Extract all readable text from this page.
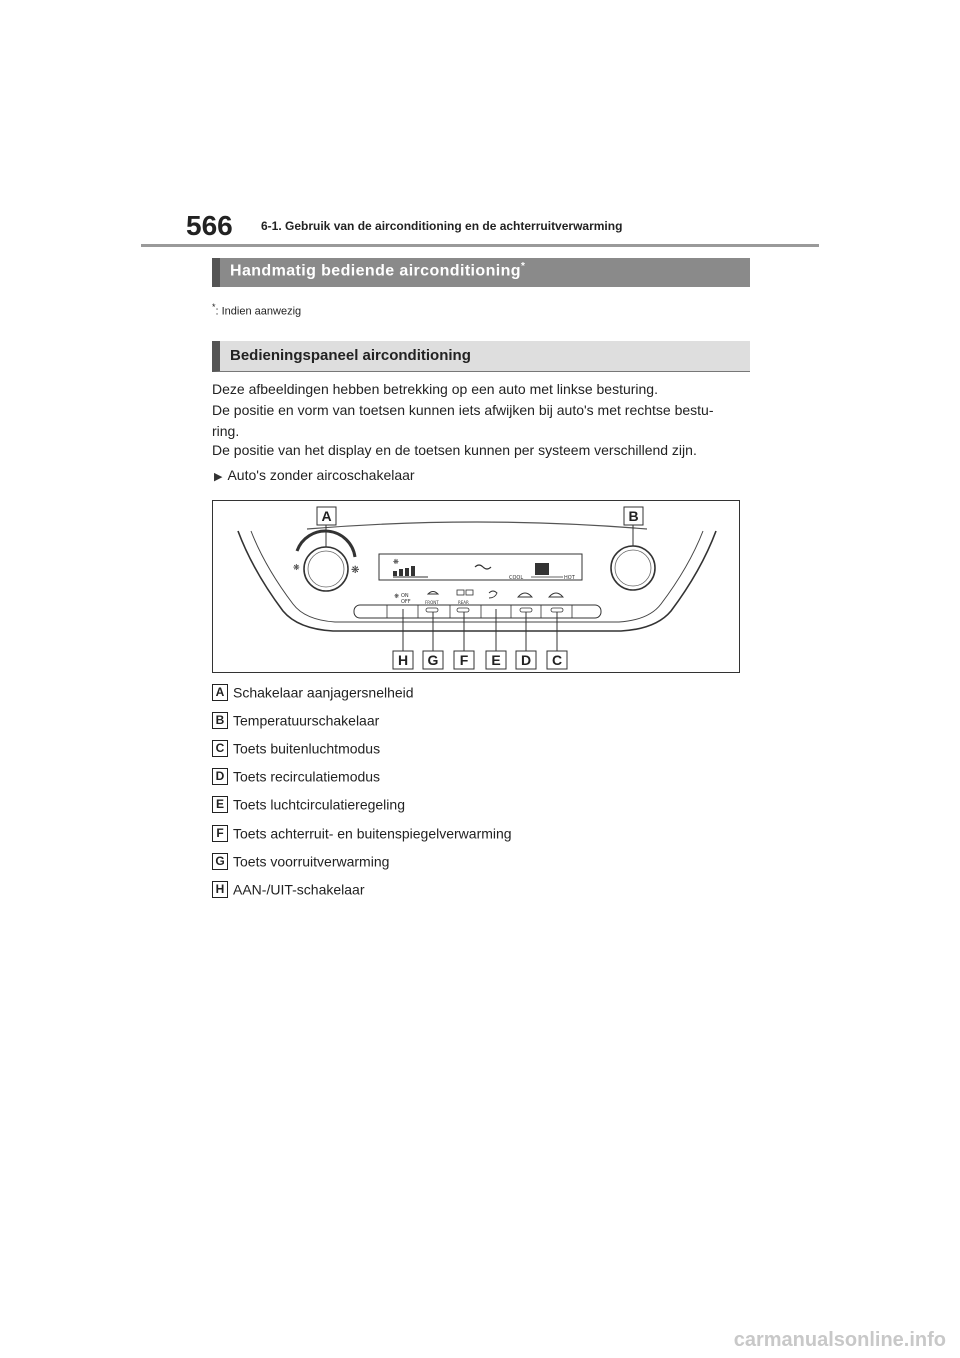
566 6-1. Gebruik van de airconditioning en de achterruitverwarming
Handmatig bediende airconditioning*
*: Indien aanwezig
Bedieningspaneel airconditioning
Deze afbeeldingen hebben betrekking op een auto met linkse besturing.
De positie en vorm van toetsen kunnen iets afwijken bij auto's met rechtse bestu-
ring.
De positie van het display en de toetsen kunnen per systeem verschillend zijn.
▶ Auto's zonder aircoschakelaar
❋	❋
❋
COOL	HOT
❋ ON
OFF	FRONT	REAR
A	B
H G F E D C
A Schakelaar aanjagersnelheid
B Temperatuurschakelaar
C Toets buitenluchtmodus
D Toets recirculatiemodus
E Toets luchtcirculatieregeling
F Toets achterruit- en buitenspiegelverwarming
G Toets voorruitverwarming
H AAN-/UIT-schakelaar
carmanualsonline.info
